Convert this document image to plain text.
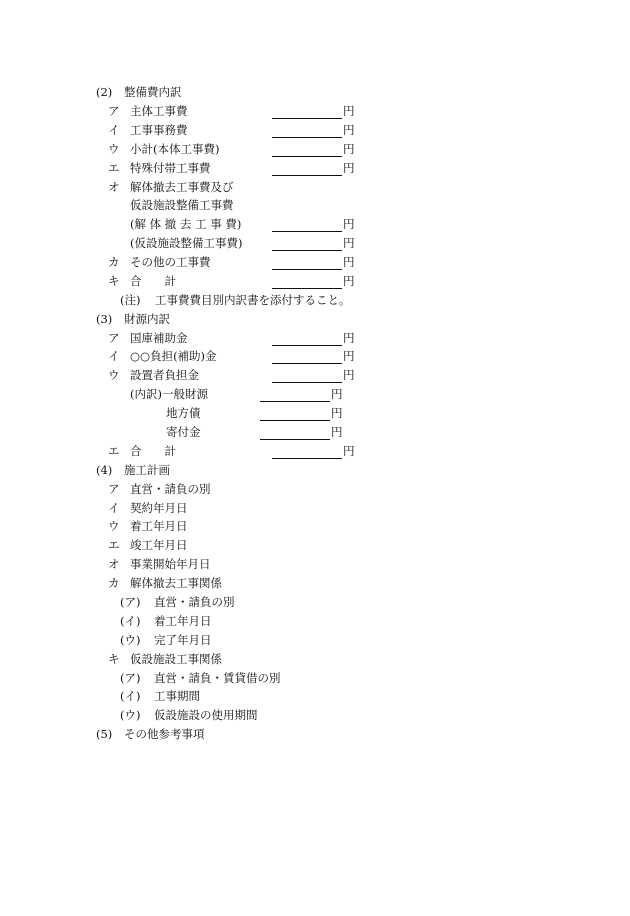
(2) 整備費内訳
ア 主体工事費	円
イ 工事事務費	円
ウ 小計(本体工事費)	円
エ 特殊付帯工事費	円
オ 解体撤去工事費及び
仮設施設整備工事費
(解 体 撤 去 工 事 費)	円
(仮設施設整備工事費)	円
カ その他の工事費	円
キ 合　　計	円
(注) 工事費費目別内訳書を添付すること。
(3) 財源内訳
ア 国庫補助金	円
イ ○○負担(補助)金	円
ウ 設置者負担金	円
(内訳)一般財源	円
地方債	円
寄付金	円
エ 合　　計	円
(4) 施工計画
ア 直営・請負の別
イ 契約年月日
ウ 着工年月日
エ 竣工年月日
オ 事業開始年月日
カ 解体撤去工事関係
(ア) 直営・請負の別
(イ) 着工年月日
(ウ) 完了年月日
キ 仮設施設工事関係
(ア) 直営・請負・賃貸借の別
(イ) 工事期間
(ウ) 仮設施設の使用期間
(5) その他参考事項
